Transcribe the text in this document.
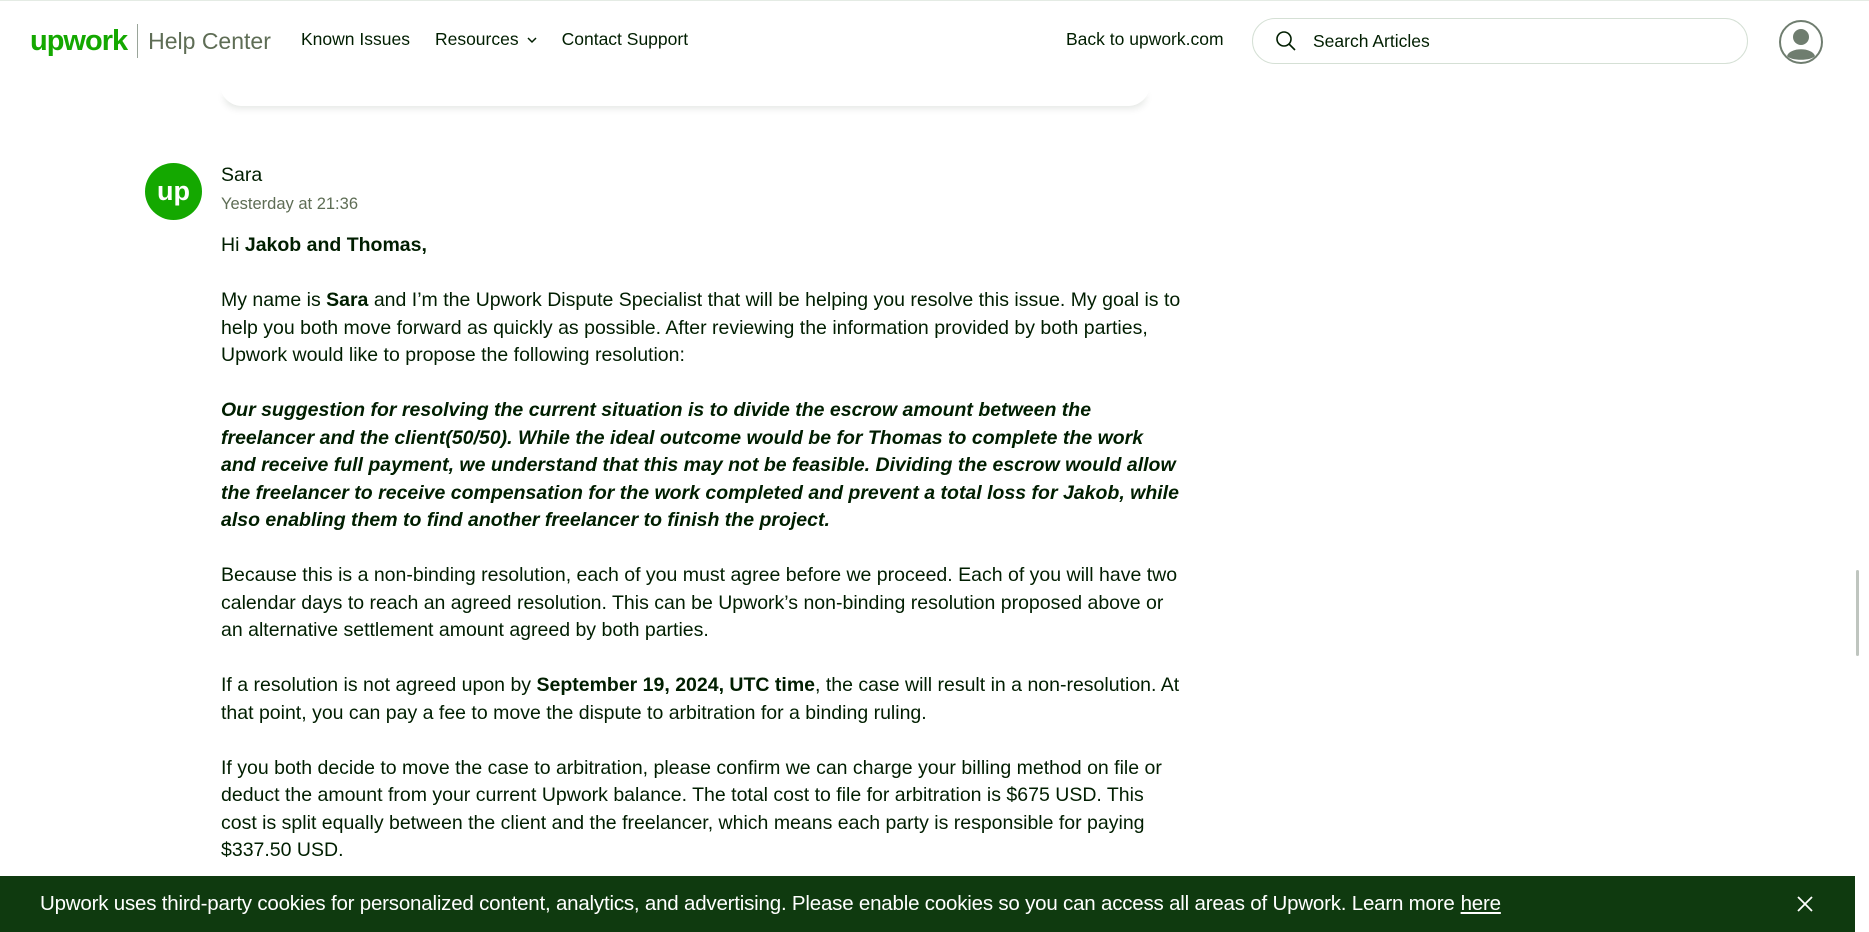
upwork Help Center Known Issues Resources Contact Support	Back to upwork.com
Search Articles
up
Sara
Yesterday at 21:36

Hi Jakob and Thomas,

My name is Sara and I’m the Upwork Dispute Specialist that will be helping you resolve this issue. My goal is to help you both move forward as quickly as possible. After reviewing the information provided by both parties, Upwork would like to propose the following resolution:

Our suggestion for resolving the current situation is to divide the escrow amount between the freelancer and the client(50/50). While the ideal outcome would be for Thomas to complete the work and receive full payment, we understand that this may not be feasible. Dividing the escrow would allow the freelancer to receive compensation for the work completed and prevent a total loss for Jakob, while also enabling them to find another freelancer to finish the project.

Because this is a non-binding resolution, each of you must agree before we proceed. Each of you will have two calendar days to reach an agreed resolution. This can be Upwork’s non-binding resolution proposed above or an alternative settlement amount agreed by both parties.

If a resolution is not agreed upon by September 19, 2024, UTC time, the case will result in a non-resolution. At that point, you can pay a fee to move the dispute to arbitration for a binding ruling.

If you both decide to move the case to arbitration, please confirm we can charge your billing method on file or deduct the amount from your current Upwork balance. The total cost to file for arbitration is $675 USD. This cost is split equally between the client and the freelancer, which means each party is responsible for paying $337.50 USD.

Upwork uses third-party cookies for personalized content, analytics, and advertising. Please enable cookies so you can access all areas of Upwork. Learn more here
